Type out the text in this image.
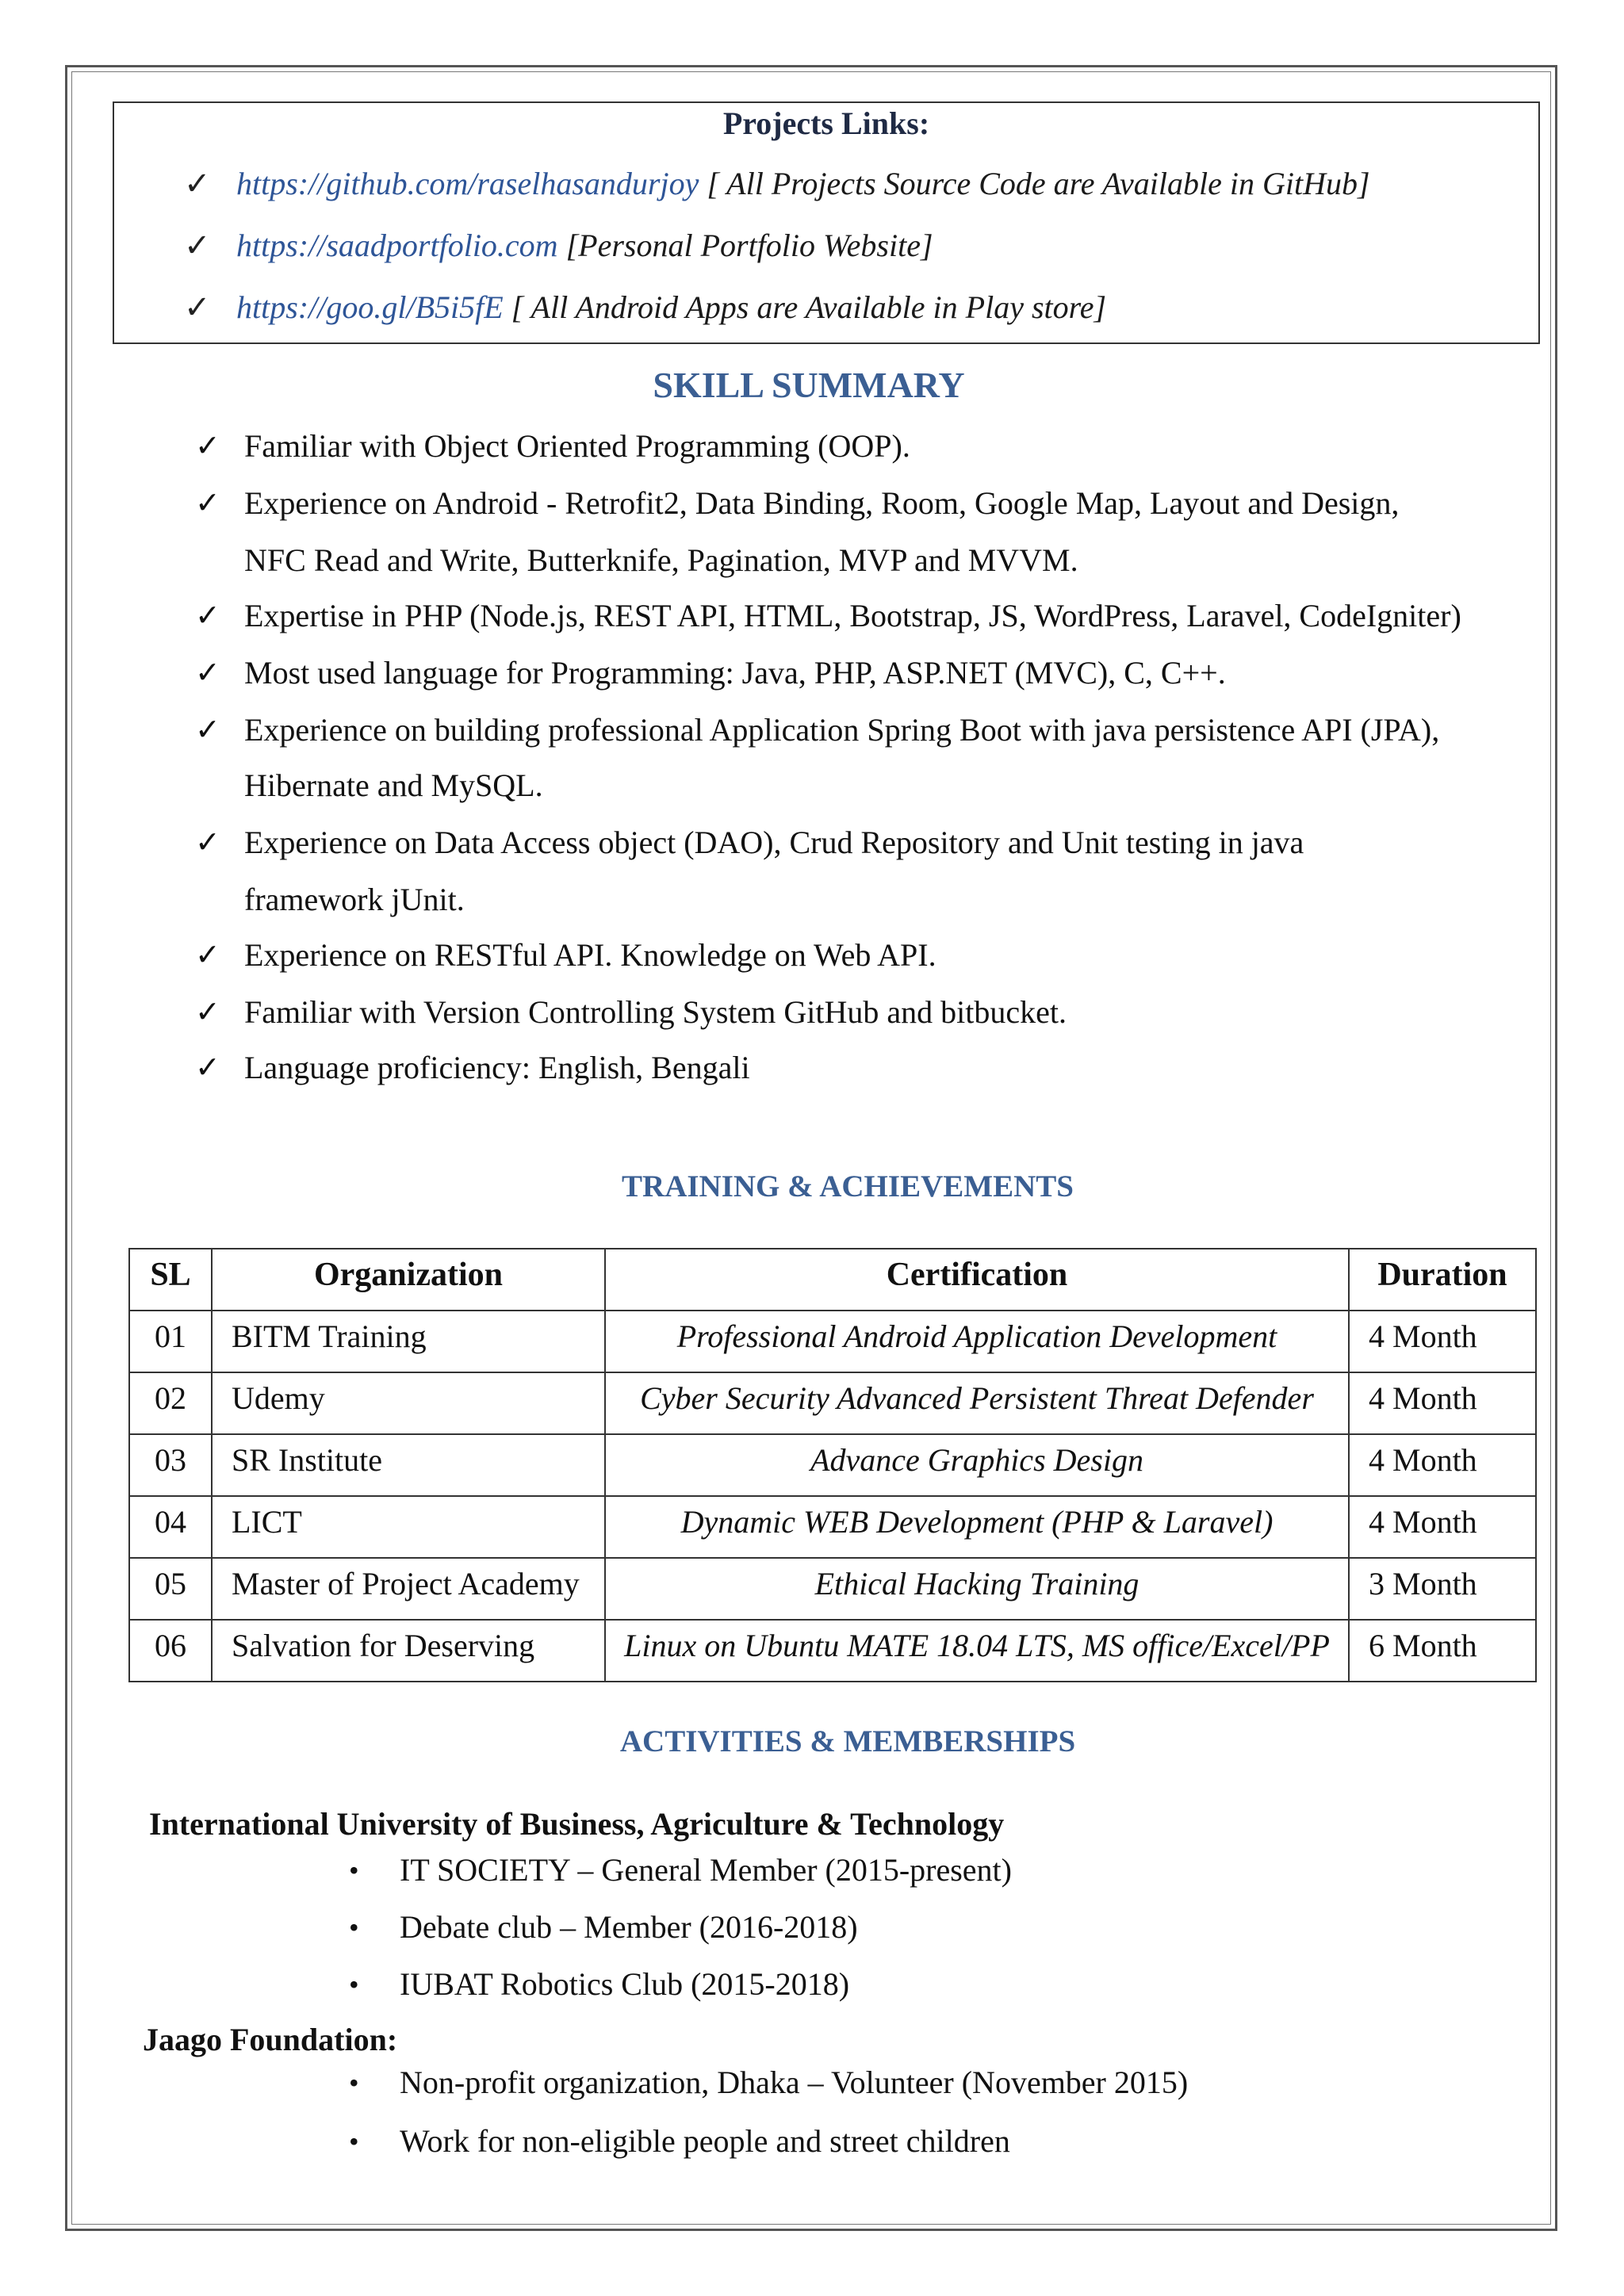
Projects Links:
✓ https://github.com/raselhasandurjoy [ All Projects Source Code are Available in GitHub]
✓ https://saadportfolio.com [Personal Portfolio Website]
✓ https://goo.gl/B5i5fE [ All Android Apps are Available in Play store]
SKILL SUMMARY
✓ Familiar with Object Oriented Programming (OOP).
✓ Experience on Android - Retrofit2, Data Binding, Room, Google Map, Layout and Design,
NFC Read and Write, Butterknife, Pagination, MVP and MVVM.
✓ Expertise in PHP (Node.js, REST API, HTML, Bootstrap, JS, WordPress, Laravel, CodeIgniter)
✓ Most used language for Programming: Java, PHP, ASP.NET (MVC), C, C++.
✓ Experience on building professional Application Spring Boot with java persistence API (JPA),
Hibernate and MySQL.
✓ Experience on Data Access object (DAO), Crud Repository and Unit testing in java
framework jUnit.
✓ Experience on RESTful API. Knowledge on Web API.
✓ Familiar with Version Controlling System GitHub and bitbucket.
✓ Language proficiency: English, Bengali
TRAINING & ACHIEVEMENTS
SL	Organization	Certification	Duration
01	BITM Training	Professional Android Application Development	4 Month
02	Udemy	Cyber Security Advanced Persistent Threat Defender	4 Month
03	SR Institute	Advance Graphics Design	4 Month
04	LICT	Dynamic WEB Development (PHP & Laravel)	4 Month
05	Master of Project Academy	Ethical Hacking Training	3 Month
06	Salvation for Deserving	Linux on Ubuntu MATE 18.04 LTS, MS office/Excel/PP	6 Month
ACTIVITIES & MEMBERSHIPS
International University of Business, Agriculture & Technology
• IT SOCIETY – General Member (2015-present)
• Debate club – Member (2016-2018)
• IUBAT Robotics Club (2015-2018)
Jaago Foundation:
• Non-profit organization, Dhaka – Volunteer (November 2015)
• Work for non-eligible people and street children
